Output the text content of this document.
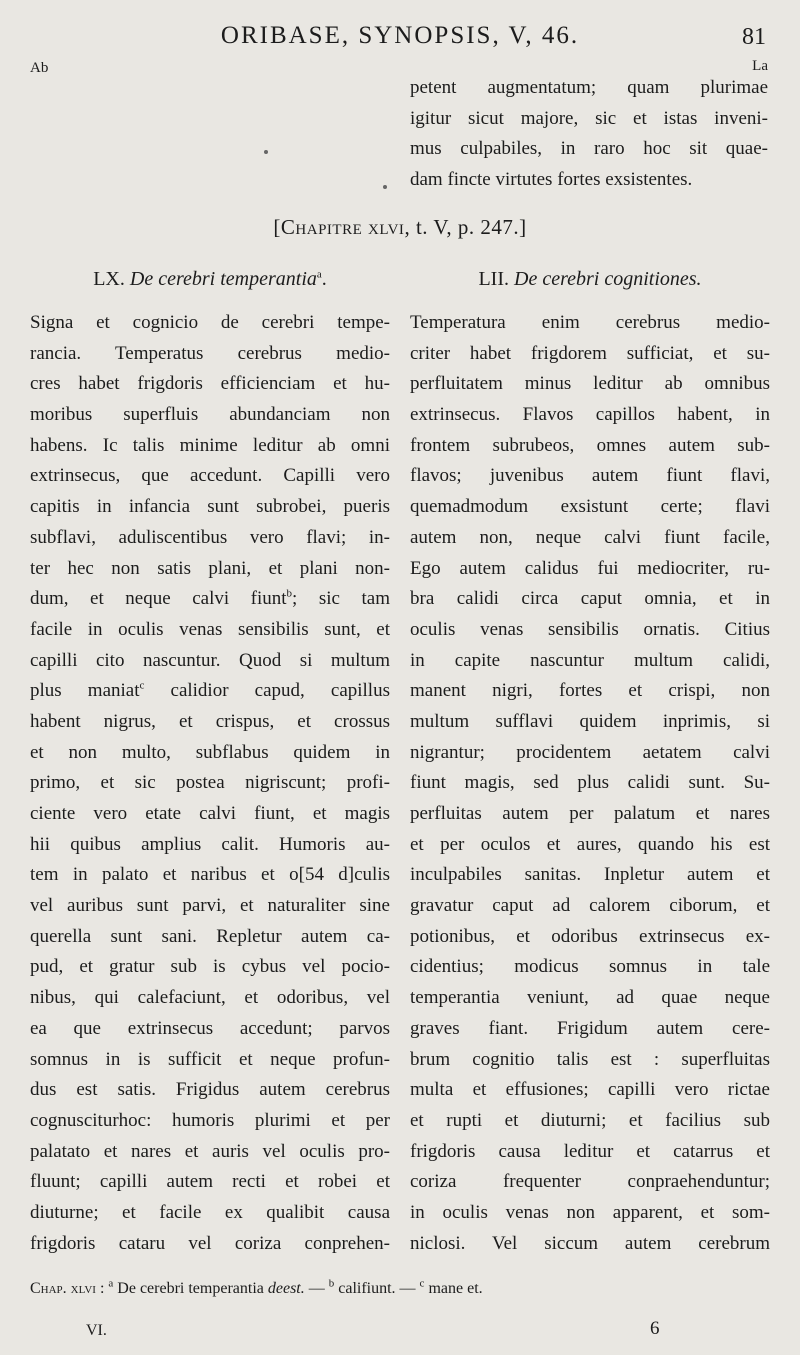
ORIBASE, SYNOPSIS, V, 46.	81
Ab	La
petent augmentatum; quam plurimae
igitur sicut majore, sic et istas inveni-
mus culpabiles, in raro hoc sit quae-
dam fincte virtutes fortes exsistentes.
[Chapitre xlvi, t. V, p. 247.]
LX. De cerebri temperantia$^a$.	LII. De cerebri cognitiones.
Signa et cognicio de cerebri tempe-
rancia. Temperatus cerebrus medio-
cres habet frigdoris efficienciam et hu-
moribus superfluis abundanciam non
habens. Ic talis minime leditur ab omni
extrinsecus, que accedunt. Capilli vero
capitis in infancia sunt subrobei, pueris
subflavi, aduliscentibus vero flavi; in-
ter hec non satis plani, et plani non-
dum, et neque calvi fiunt$^b$; sic tam
facile in oculis venas sensibilis sunt, et
capilli cito nascuntur. Quod si multum
plus maniat$^c$ calidior capud, capillus
habent nigrus, et crispus, et crossus
et non multo, subflabus quidem in
primo, et sic postea nigriscunt; profi-
ciente vero etate calvi fiunt, et magis
hii quibus amplius calit. Humoris au-
tem in palato et naribus et o[54 d]culis
vel auribus sunt parvi, et naturaliter sine
querella sunt sani. Repletur autem ca-
pud, et gratur sub is cybus vel pocio-
nibus, qui calefaciunt, et odoribus, vel
ea que extrinsecus accedunt; parvos
somnus in is sufficit et neque profun-
dus est satis. Frigidus autem cerebrus
cognusciturhoc: humoris plurimi et per
palatato et nares et auris vel oculis pro-
fluunt; capilli autem recti et robei et
diuturne; et facile ex qualibit causa
frigdoris cataru vel coriza conprehen-
Temperatura enim cerebrus medio-
criter habet frigdorem sufficiat, et su-
perfluitatem minus leditur ab omnibus
extrinsecus. Flavos capillos habent, in
frontem subrubeos, omnes autem sub-
flavos; juvenibus autem fiunt flavi,
quemadmodum exsistunt certe; flavi
autem non, neque calvi fiunt facile,
Ego autem calidus fui mediocriter, ru-
bra calidi circa caput omnia, et in
oculis venas sensibilis ornatis. Citius
in capite nascuntur multum calidi,
manent nigri, fortes et crispi, non
multum sufflavi quidem inprimis, si
nigrantur; procidentem aetatem calvi
fiunt magis, sed plus calidi sunt. Su-
perfluitas autem per palatum et nares
et per oculos et aures, quando his est
inculpabiles sanitas. Inpletur autem et
gravatur caput ad calorem ciborum, et
potionibus, et odoribus extrinsecus ex-
cidentius; modicus somnus in tale
temperantia veniunt, ad quae neque
graves fiant. Frigidum autem cere-
brum cognitio talis est : superfluitas
multa et effusiones; capilli vero rictae
et rupti et diuturni; et facilius sub
frigdoris causa leditur et catarrus et
coriza frequenter conpraehenduntur;
in oculis venas non apparent, et som-
niclosi. Vel siccum autem cerebrum
Chap. xlvi : $^a$ De cerebri temperantia deest. — $^b$ califiunt. — $^c$ mane et.
VI.	6
